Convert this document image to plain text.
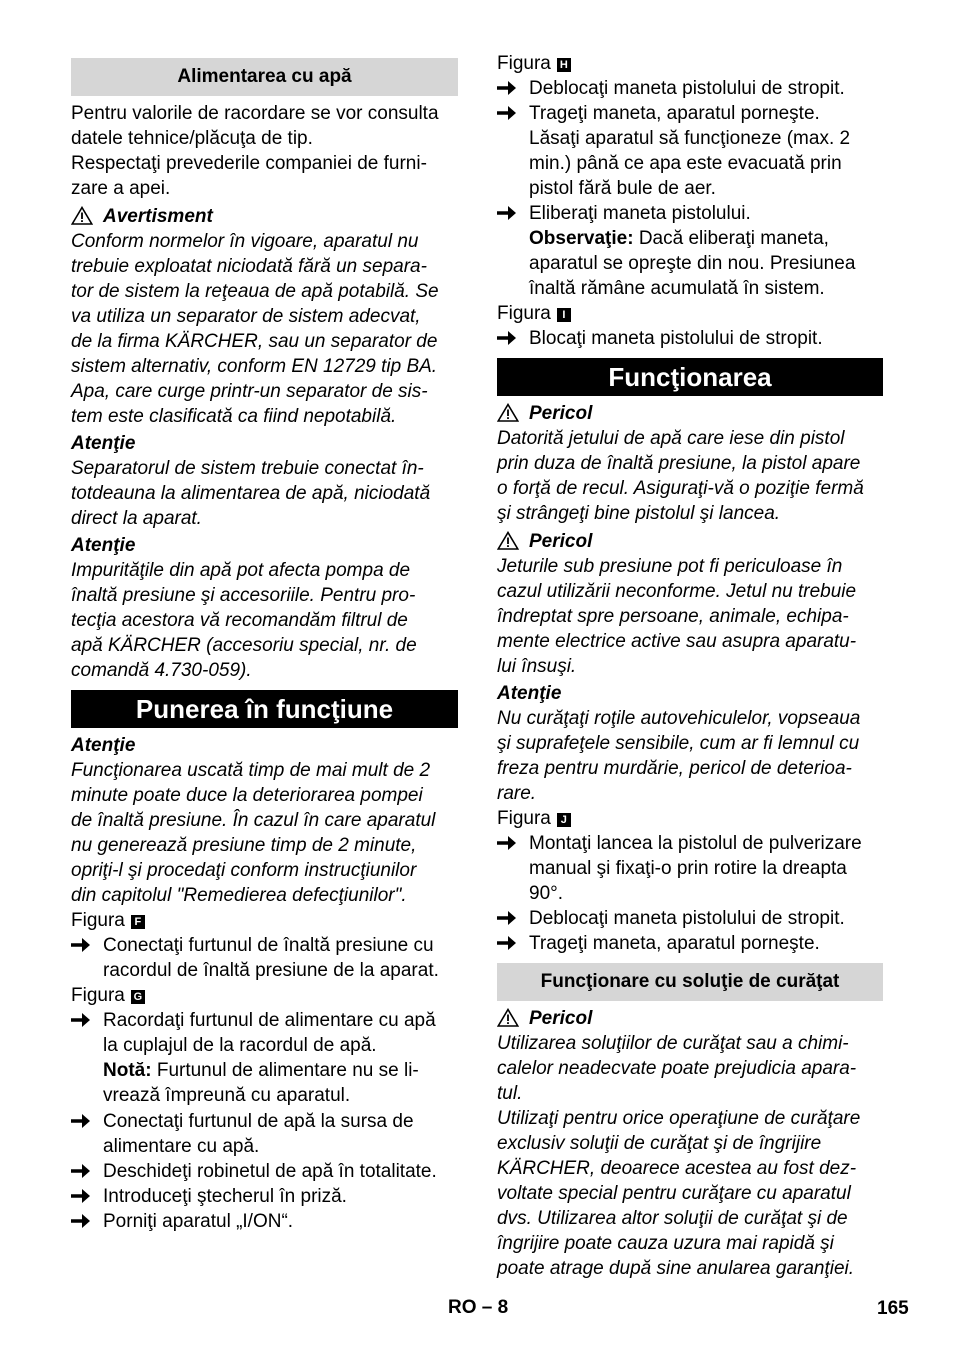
Alimentarea cu apă
Pentru valorile de racordare se vor consulta
datele tehnice/plăcuţa de tip.
Respectaţi prevederile companiei de furni-
zare a apei.
Avertisment
Conform normelor în vigoare, aparatul nu
trebuie exploatat niciodată fără un separa-
tor de sistem la reţeaua de apă potabilă. Se
va utiliza un separator de sistem adecvat,
de la firma KÄRCHER, sau un separator de
sistem alternativ, conform EN 12729 tip BA.
Apa, care curge printr-un separator de sis-
tem este clasificată ca fiind nepotabilă.
Atenţie
Separatorul de sistem trebuie conectat în-
totdeauna la alimentarea de apă, niciodată
direct la aparat.
Atenţie
Impurităţile din apă pot afecta pompa de
înaltă presiune şi accesoriile. Pentru pro-
tecţia acestora vă recomandăm filtrul de
apă KÄRCHER (accesoriu special, nr. de
comandă 4.730-059).
Punerea în funcţiune
Atenţie
Funcţionarea uscată timp de mai mult de 2
minute poate duce la deteriorarea pompei
de înaltă presiune. În cazul în care aparatul
nu generează presiune timp de 2 minute,
opriţi-l şi procedaţi conform instrucţiunilor
din capitolul "Remedierea defecţiunilor".
Figura F
Conectaţi furtunul de înaltă presiune cu
racordul de înaltă presiune de la aparat.
Figura G
Racordaţi furtunul de alimentare cu apă
la cuplajul de la racordul de apă.
Notă: Furtunul de alimentare nu se li-
vrează împreună cu aparatul.
Conectaţi furtunul de apă la sursa de
alimentare cu apă.
Deschideţi robinetul de apă în totalitate.
Introduceţi ştecherul în priză.
Porniţi aparatul „I/ON“.
Figura H
Deblocaţi maneta pistolului de stropit.
Trageţi maneta, aparatul porneşte.
Lăsaţi aparatul să funcţioneze (max. 2
min.) până ce apa este evacuată prin
pistol fără bule de aer.
Eliberaţi maneta pistolului.
Observaţie: Dacă eliberaţi maneta,
aparatul se opreşte din nou. Presiunea
înaltă rămâne acumulată în sistem.
Figura I
Blocaţi maneta pistolului de stropit.
Funcţionarea
Pericol
Datorită jetului de apă care iese din pistol
prin duza de înaltă presiune, la pistol apare
o forţă de recul. Asiguraţi-vă o poziţie fermă
şi strângeţi bine pistolul şi lancea.
Pericol
Jeturile sub presiune pot fi periculoase în
cazul utilizării neconforme. Jetul nu trebuie
îndreptat spre persoane, animale, echipa-
mente electrice active sau asupra aparatu-
lui însuşi.
Atenţie
Nu curăţaţi roţile autovehiculelor, vopseaua
şi suprafeţele sensibile, cum ar fi lemnul cu
freza pentru murdărie, pericol de deterioa-
rare.
Figura J
Montaţi lancea la pistolul de pulverizare
manual şi fixaţi-o prin rotire la dreapta
90°.
Deblocaţi maneta pistolului de stropit.
Trageţi maneta, aparatul porneşte.
Funcţionare cu soluţie de curăţat
Pericol
Utilizarea soluţiilor de curăţat sau a chimi-
calelor neadecvate poate prejudicia apara-
tul.
Utilizaţi pentru orice operaţiune de curăţare
exclusiv soluţii de curăţat şi de îngrijire
KÄRCHER, deoarece acestea au fost dez-
voltate special pentru curăţare cu aparatul
dvs. Utilizarea altor soluţii de curăţat şi de
îngrijire poate cauza uzura mai rapidă şi
poate atrage după sine anularea garanţiei.
RO – 8	165
